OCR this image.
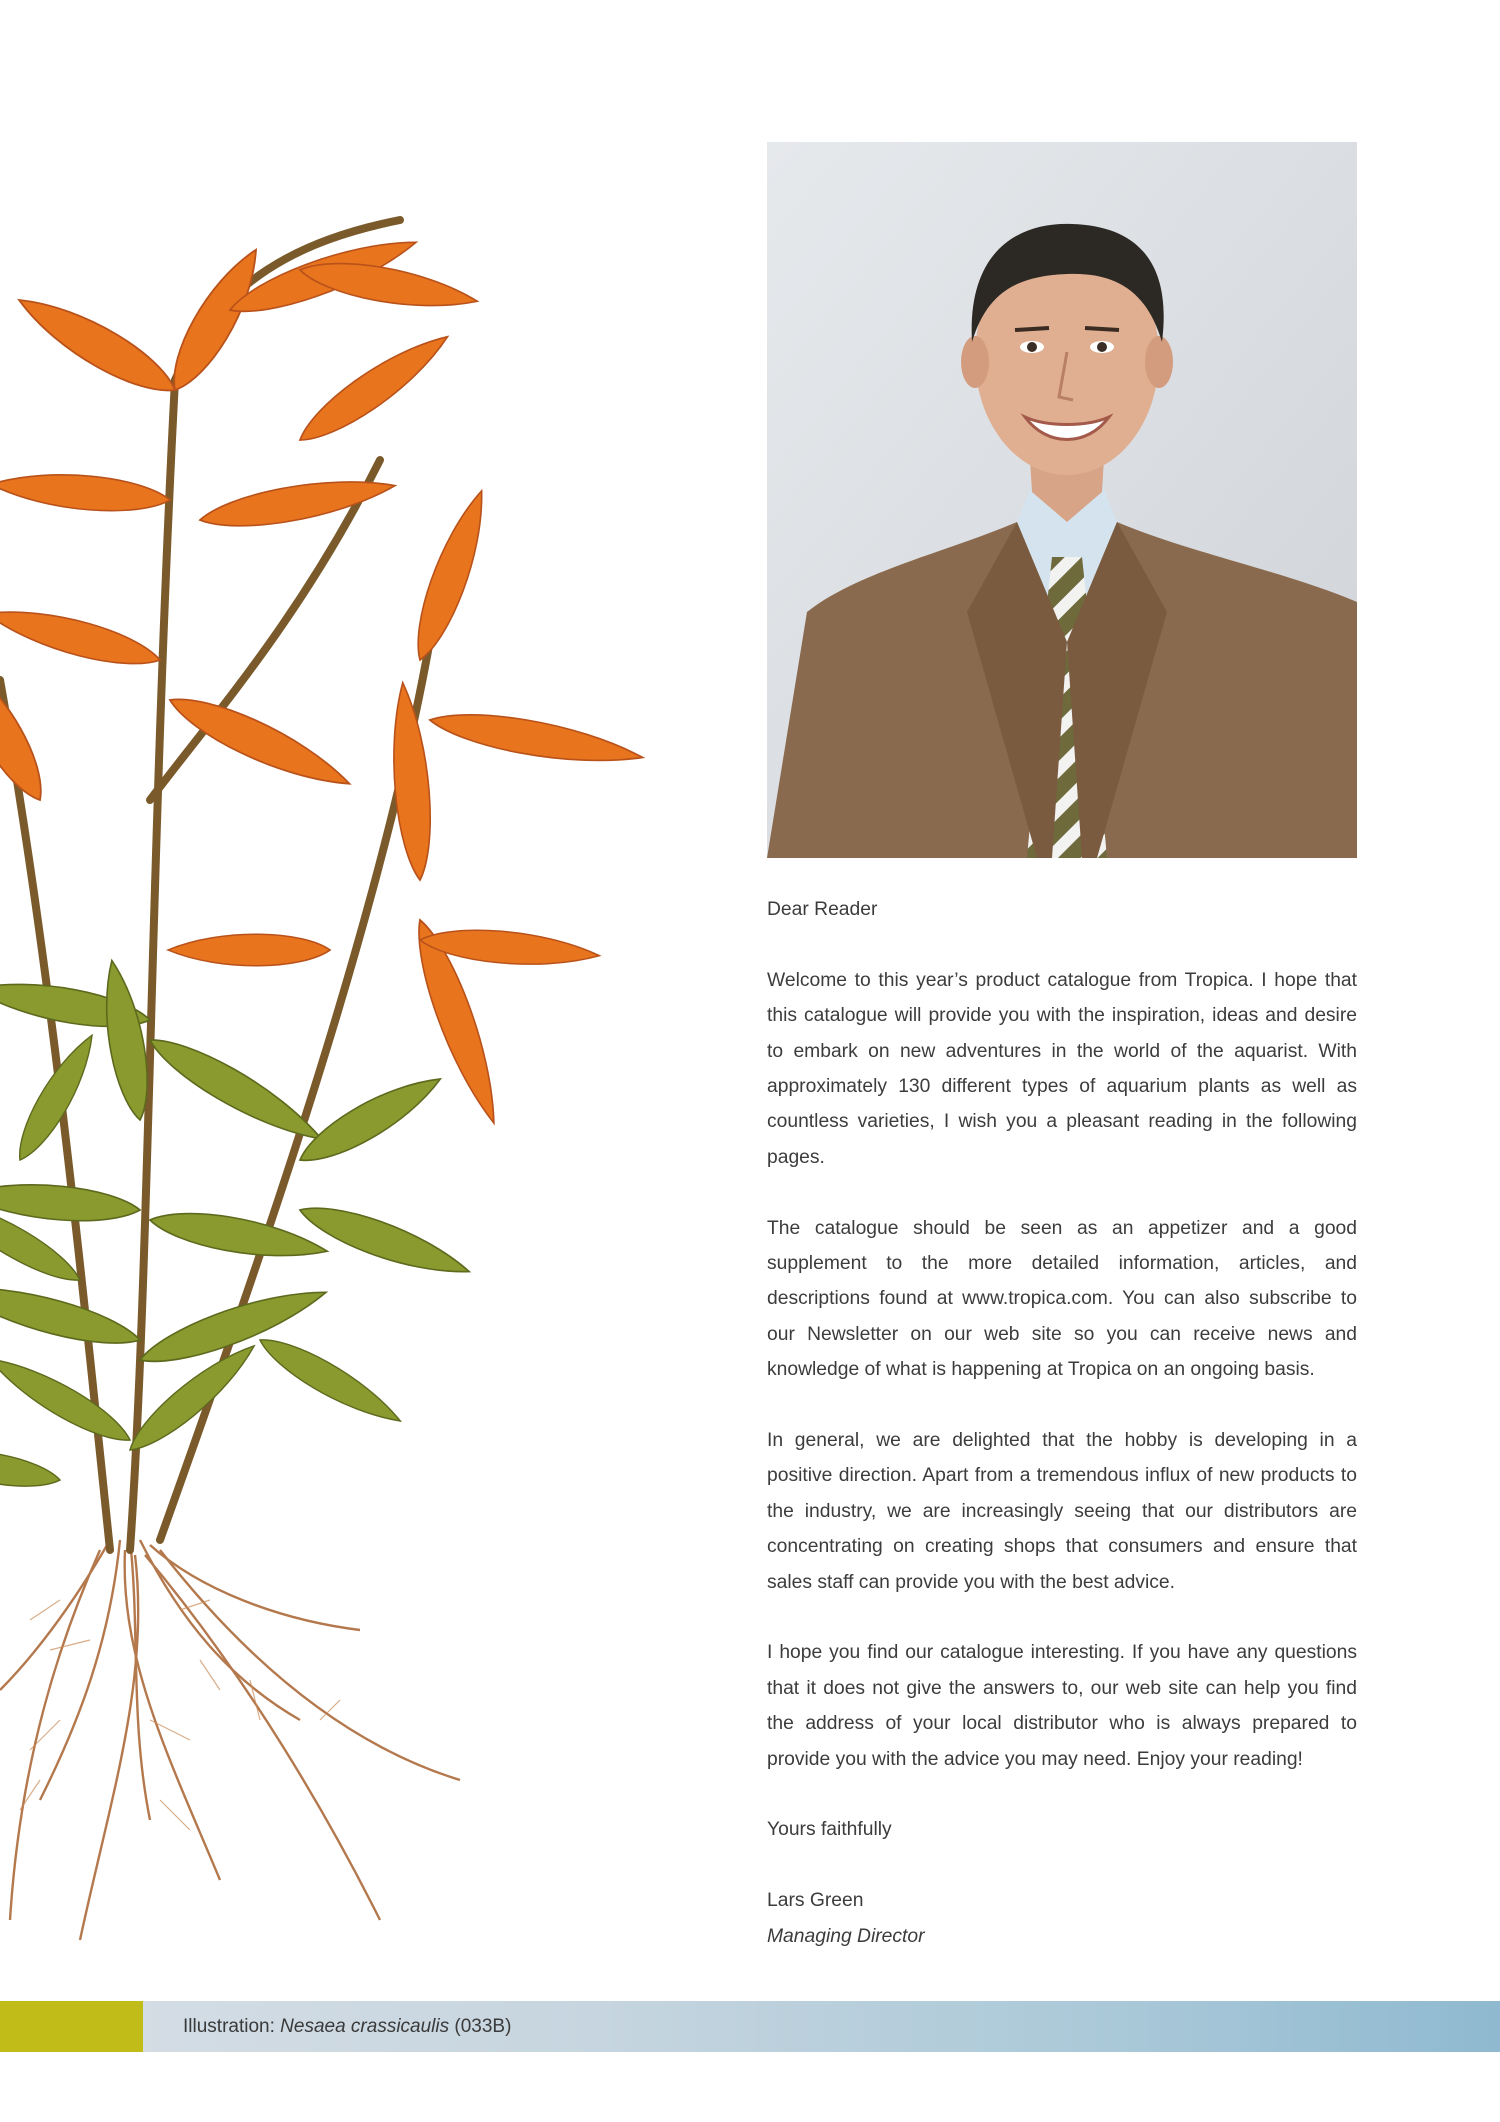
Dear Reader

Welcome to this year’s product catalogue from Tropica. I hope that this catalogue will provide you with the inspiration, ideas and desire to embark on new adventures in the world of the aquarist. With approximately 130 different types of aquarium plants as well as countless varieties, I wish you a pleasant reading in the following pages.

The catalogue should be seen as an appetizer and a good supplement to the more detailed information, articles, and descriptions found at www.tropica.com. You can also subscribe to our Newsletter on our web site so you can receive news and knowledge of what is happening at Tropica on an ongoing basis.

In general, we are delighted that the hobby is developing in a positive direction. Apart from a tremendous influx of new products to the industry, we are increasingly seeing that our distributors are concentrating on creating shops that consumers and ensure that sales staff can provide you with the best advice.

I hope you find our catalogue interesting. If you have any questions that it does not give the answers to, our web site can help you find the address of your local distributor who is always prepared to provide you with the advice you may need. Enjoy your reading!

Yours faithfully

Lars Green
Managing Director

Illustration: Nesaea crassicaulis (033B)
